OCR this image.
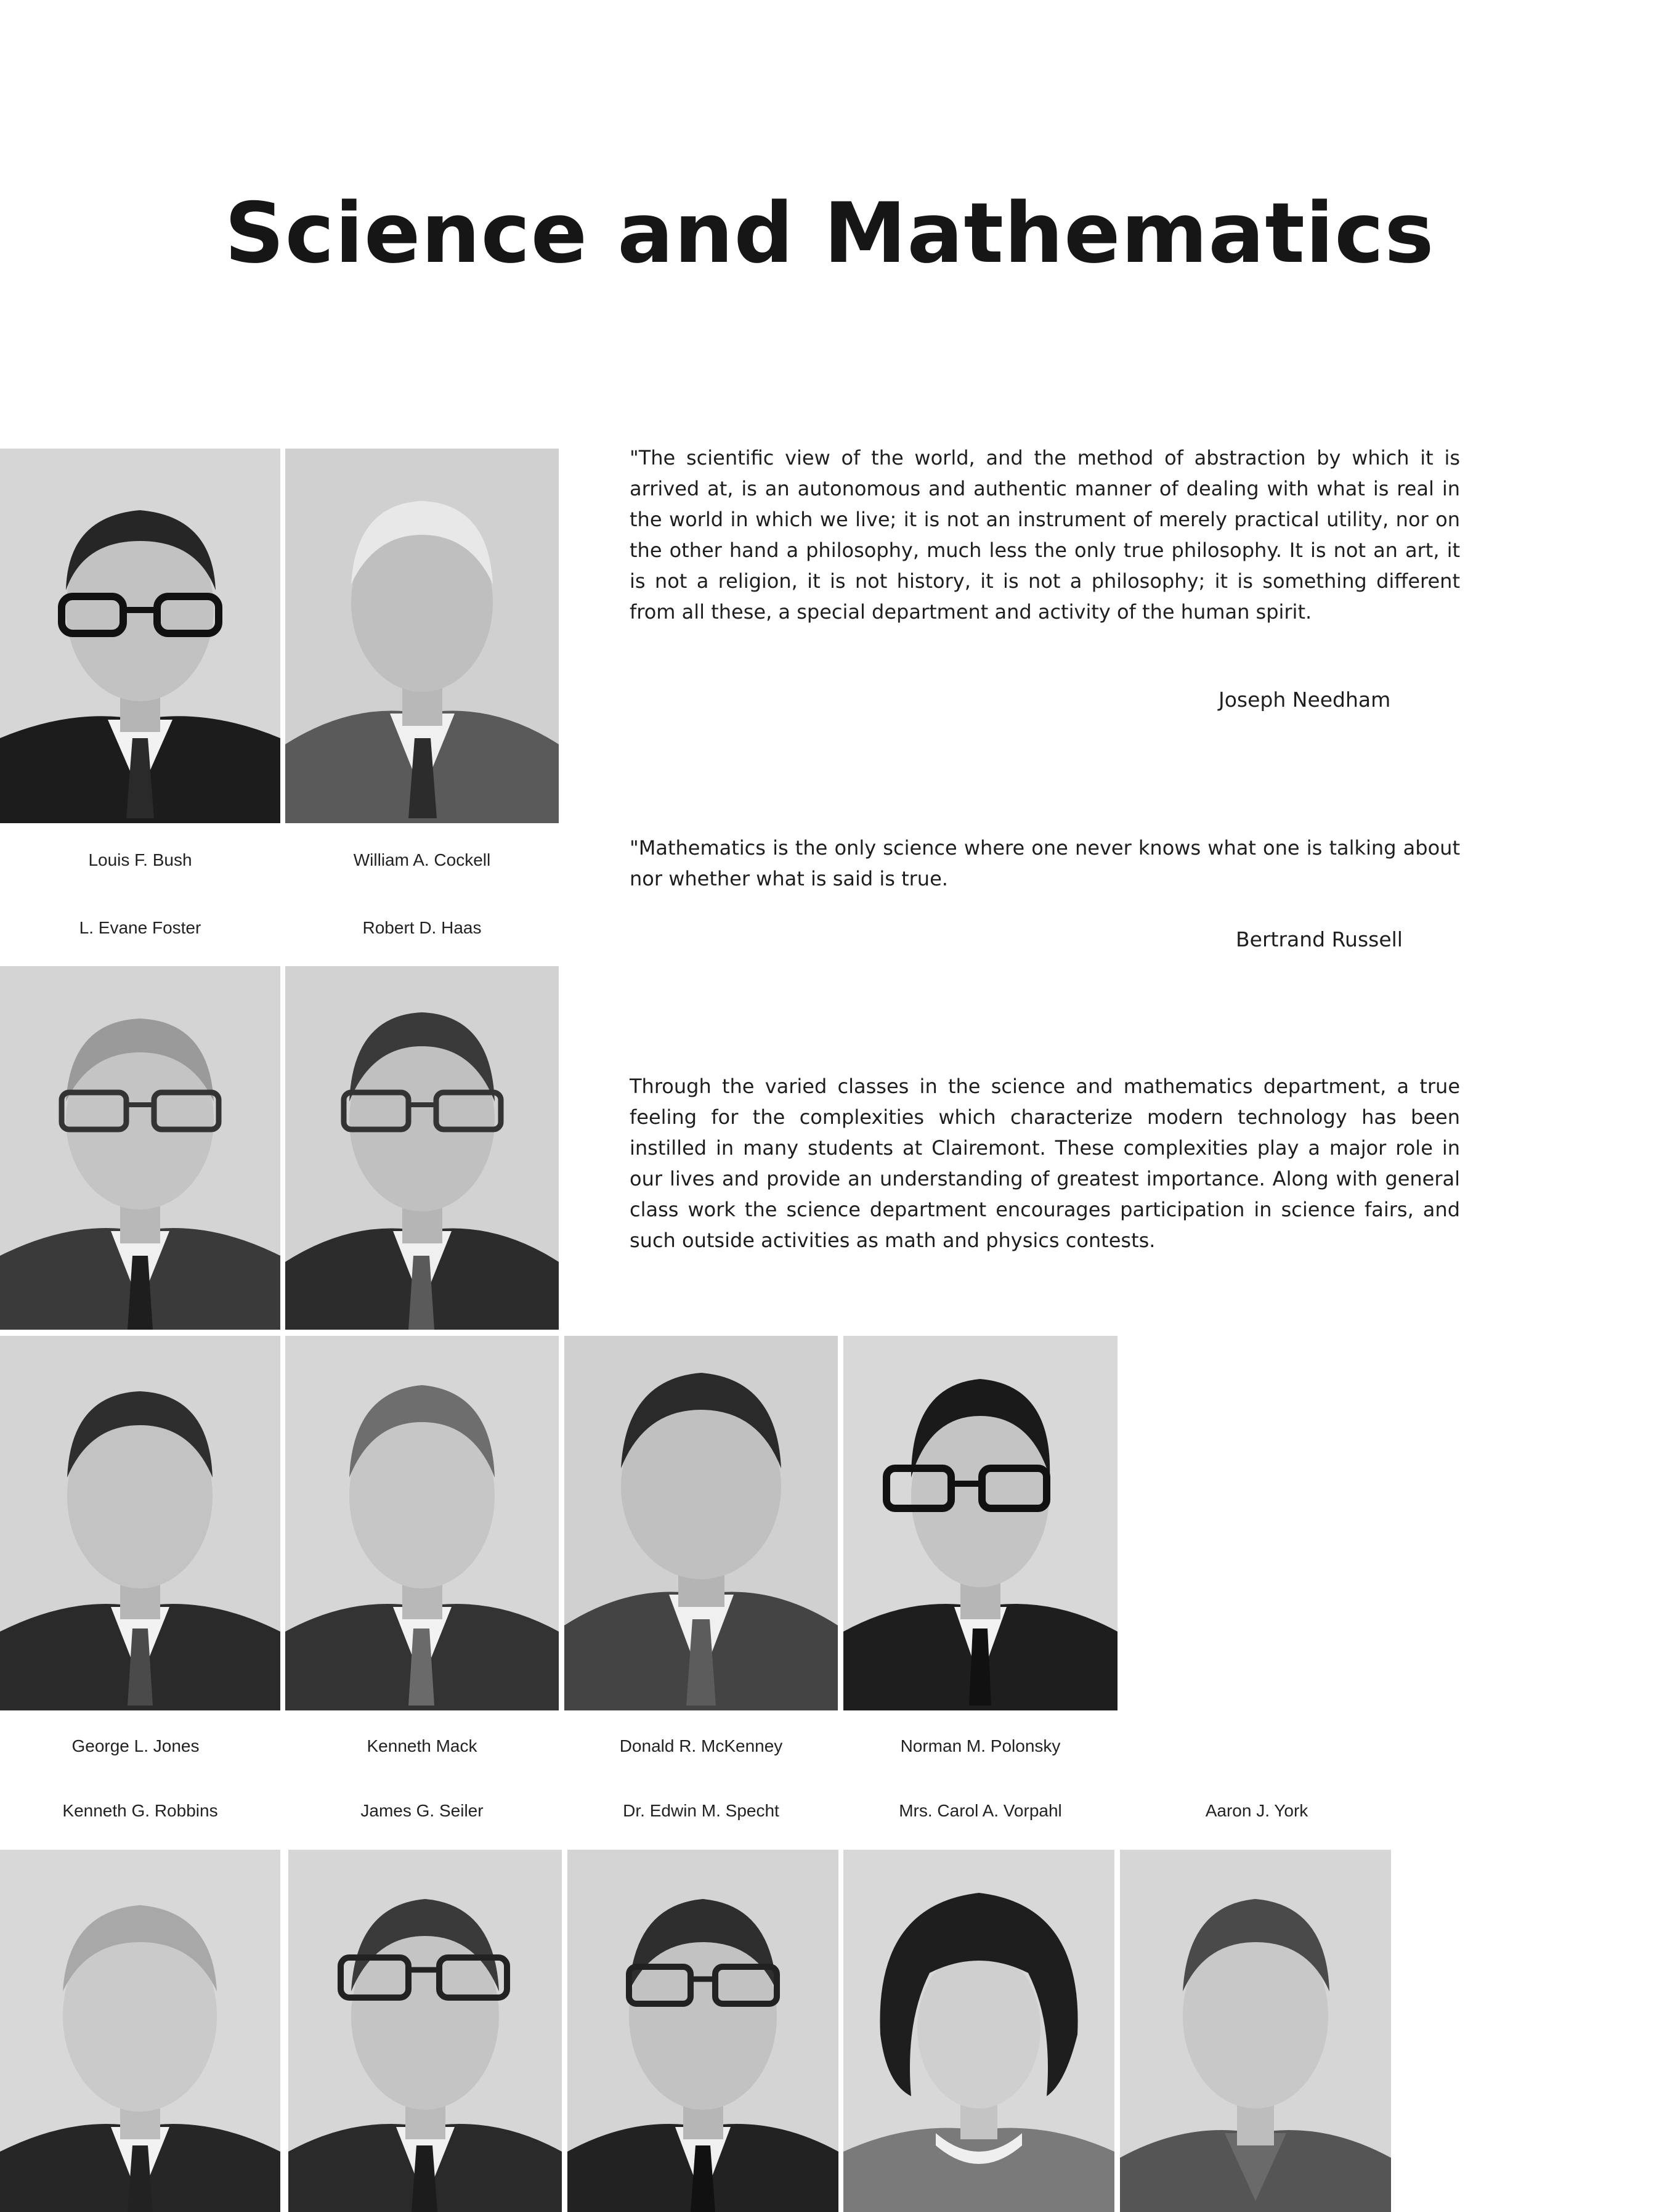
Science and Mathematics
Louis F. Bush	William A. Cockell
L. Evane Foster	Robert D. Haas
George L. Jones	Kenneth Mack	Donald R. McKenney	Norman M. Polonsky
Kenneth G. Robbins	James G. Seiler	Dr. Edwin M. Specht	Mrs. Carol A. Vorpahl	Aaron J. York

"The scientific view of the world, and the method of abstraction by which it is arrived at, is an autonomous and authentic manner of dealing with what is real in the world in which we live; it is not an instrument of merely practical utility, nor on the other hand a philosophy, much less the only true philosophy. It is not an art, it is not a religion, it is not history, it is not a philosophy; it is something different from all these, a special department and activity of the human spirit.

Joseph Needham

"Mathematics is the only science where one never knows what one is talking about nor whether what is said is true.

Bertrand Russell

Through the varied classes in the science and mathematics department, a true feeling for the complexities which characterize modern technology has been instilled in many students at Clairemont. These complexities play a major role in our lives and provide an understanding of greatest importance. Along with general class work the science department encourages participation in science fairs, and such outside activities as math and physics contests.
